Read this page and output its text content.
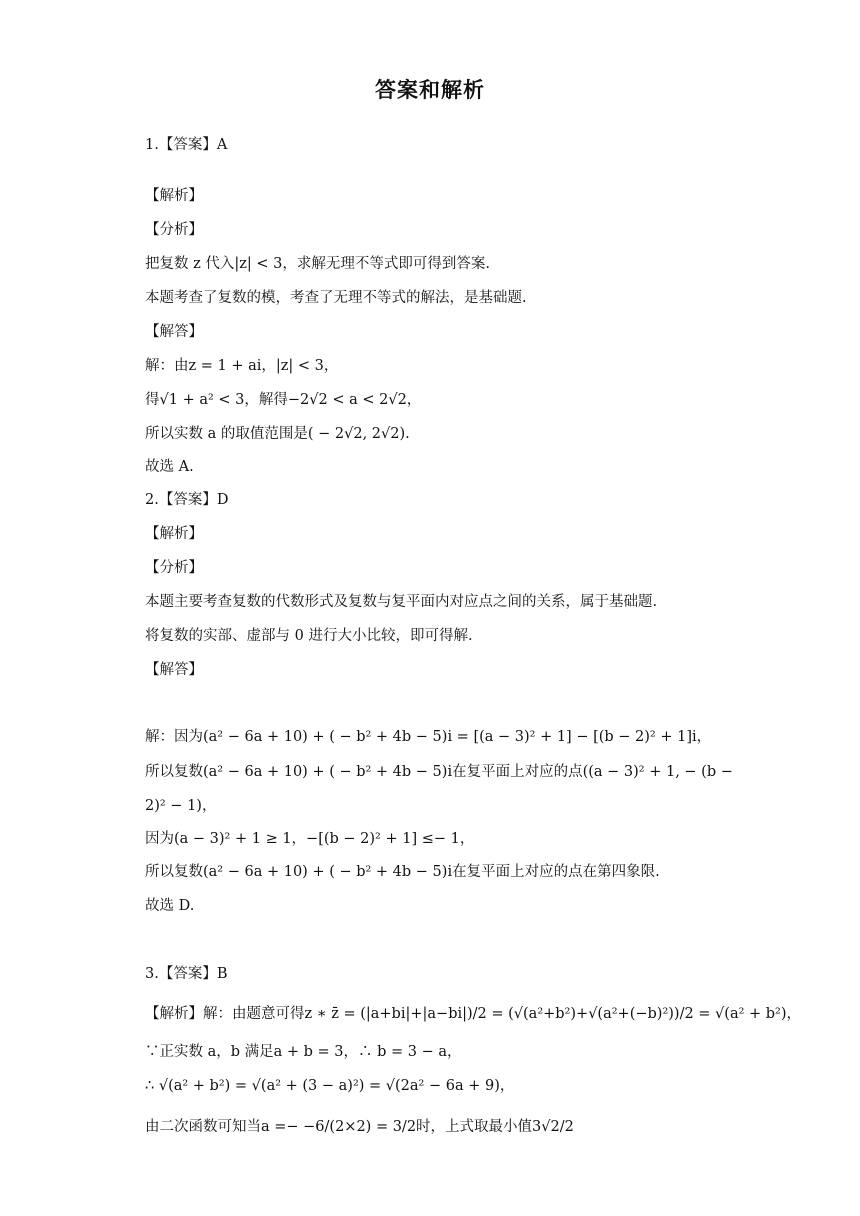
答案和解析
1.【答案】A
【解析】
【分析】
把复数 z 代入|z| < 3，求解无理不等式即可得到答案.
本题考查了复数的模，考查了无理不等式的解法，是基础题.
【解答】
解：由z = 1 + ai，|z| < 3，
得√1 + a² < 3，解得−2√2 < a < 2√2，
所以实数 a 的取值范围是( − 2√2, 2√2).
故选 A.
2.【答案】D
【解析】
【分析】
本题主要考查复数的代数形式及复数与复平面内对应点之间的关系，属于基础题.
将复数的实部、虚部与 0 进行大小比较，即可得解.
【解答】
解：因为(a² − 6a + 10) + ( − b² + 4b − 5)i = [(a − 3)² + 1] − [(b − 2)² + 1]i，
所以复数(a² − 6a + 10) + ( − b² + 4b − 5)i在复平面上对应的点((a − 3)² + 1, − (b −
2)² − 1)，
因为(a − 3)² + 1 ≥ 1，−[(b − 2)² + 1] ≤− 1，
所以复数(a² − 6a + 10) + ( − b² + 4b − 5)i在复平面上对应的点在第四象限.
故选 D.
3.【答案】B
【解析】解：由题意可得z ∗ z̄ = (|a+bi|+|a−bi|)/2 = (√(a²+b²)+√(a²+(−b)²))/2 = √(a² + b²)，
∵正实数 a，b 满足a + b = 3，∴ b = 3 − a，
∴ √(a² + b²) = √(a² + (3 − a)²) = √(2a² − 6a + 9)，
由二次函数可知当a =− −6/(2×2) = 3/2时，上式取最小值3√2/2
